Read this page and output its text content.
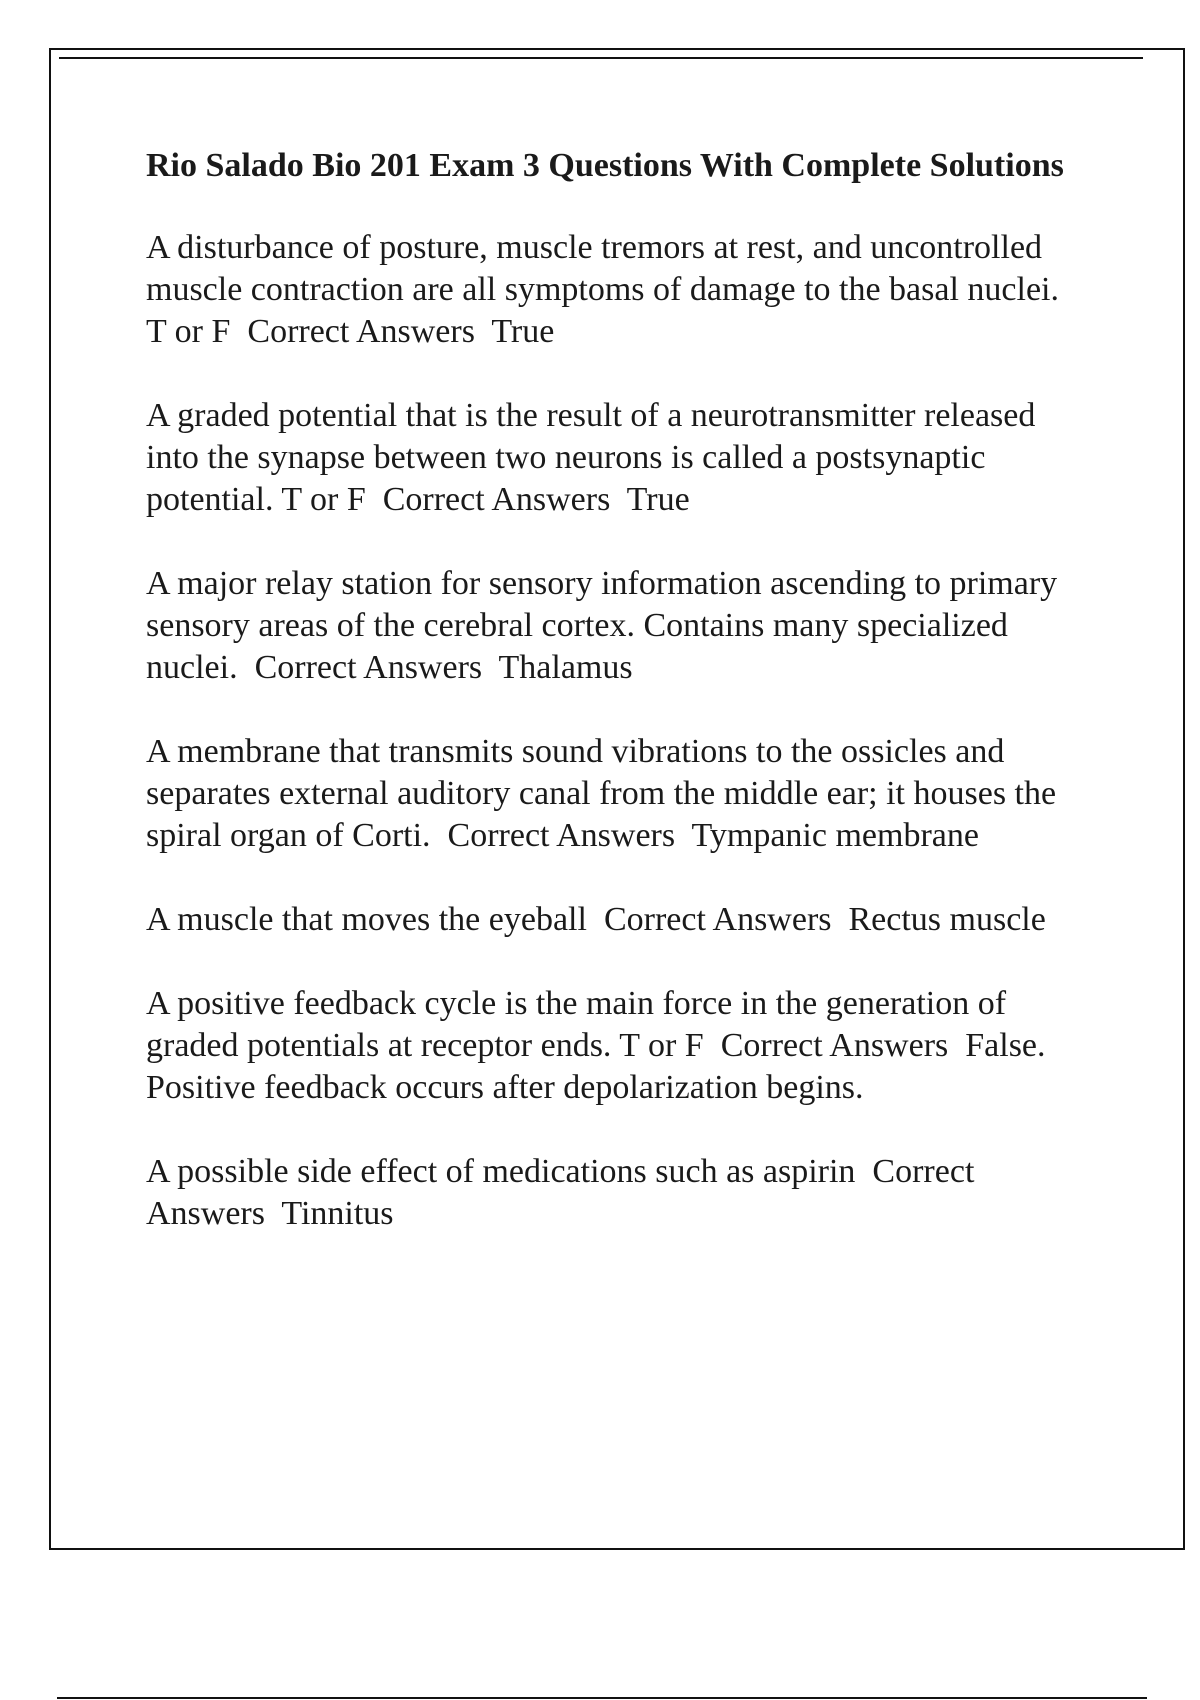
Rio Salado Bio 201 Exam 3 Questions With Complete Solutions

A disturbance of posture, muscle tremors at rest, and uncontrolled muscle contraction are all symptoms of damage to the basal nuclei.
T or F  Correct Answers  True

A graded potential that is the result of a neurotransmitter released into the synapse between two neurons is called a postsynaptic potential. T or F  Correct Answers  True

A major relay station for sensory information ascending to primary sensory areas of the cerebral cortex. Contains many specialized nuclei.  Correct Answers  Thalamus

A membrane that transmits sound vibrations to the ossicles and separates external auditory canal from the middle ear; it houses the spiral organ of Corti.  Correct Answers  Tympanic membrane

A muscle that moves the eyeball  Correct Answers  Rectus muscle

A positive feedback cycle is the main force in the generation of graded potentials at receptor ends. T or F  Correct Answers  False. Positive feedback occurs after depolarization begins.

A possible side effect of medications such as aspirin  Correct Answers  Tinnitus
